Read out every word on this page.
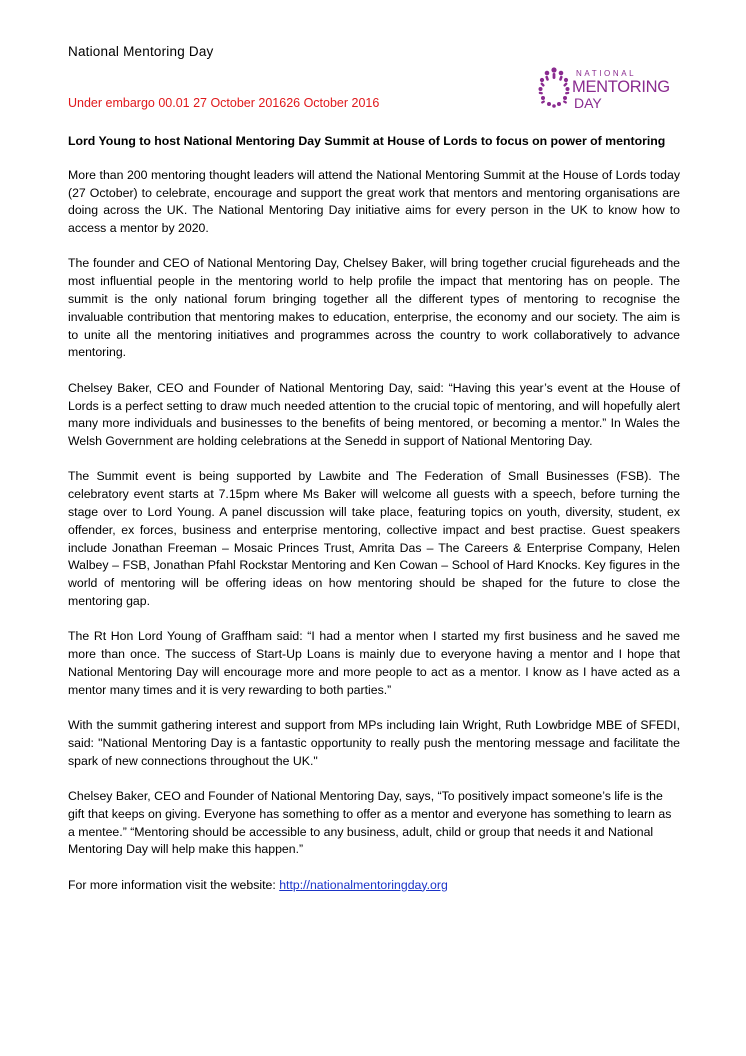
National Mentoring Day
Under embargo 00.01 27 October 201626 October 2016
NATIONAL
MENTORING
DAY

Lord Young to host National Mentoring Day Summit at House of Lords to focus on power of mentoring

More than 200 mentoring thought leaders will attend the National Mentoring Summit at the House of Lords today (27 October) to celebrate, encourage and support the great work that mentors and mentoring organisations are doing across the UK. The National Mentoring Day initiative aims for every person in the UK to know how to access a mentor by 2020.

The founder and CEO of National Mentoring Day, Chelsey Baker, will bring together crucial figureheads and the most influential people in the mentoring world to help profile the impact that mentoring has on people. The summit is the only national forum bringing together all the different types of mentoring to recognise the invaluable contribution that mentoring makes to education, enterprise, the economy and our society. The aim is to unite all the mentoring initiatives and programmes across the country to work collaboratively to advance mentoring.

Chelsey Baker, CEO and Founder of National Mentoring Day, said: “Having this year’s event at the House of Lords is a perfect setting to draw much needed attention to the crucial topic of mentoring, and will hopefully alert many more individuals and businesses to the benefits of being mentored, or becoming a mentor.” In Wales the Welsh Government are holding celebrations at the Senedd in support of National Mentoring Day.

The Summit event is being supported by Lawbite and The Federation of Small Businesses (FSB). The celebratory event starts at 7.15pm where Ms Baker will welcome all guests with a speech, before turning the stage over to Lord Young. A panel discussion will take place, featuring topics on youth, diversity, student, ex offender, ex forces, business and enterprise mentoring, collective impact and best practise. Guest speakers include Jonathan Freeman – Mosaic Princes Trust, Amrita Das – The Careers & Enterprise Company, Helen Walbey – FSB, Jonathan Pfahl Rockstar Mentoring and Ken Cowan – School of Hard Knocks. Key figures in the world of mentoring will be offering ideas on how mentoring should be shaped for the future to close the mentoring gap.

The Rt Hon Lord Young of Graffham said: “I had a mentor when I started my first business and he saved me more than once. The success of Start-Up Loans is mainly due to everyone having a mentor and I hope that National Mentoring Day will encourage more and more people to act as a mentor. I know as I have acted as a mentor many times and it is very rewarding to both parties.”

With the summit gathering interest and support from MPs including Iain Wright, Ruth Lowbridge MBE of SFEDI, said: "National Mentoring Day is a fantastic opportunity to really push the mentoring message and facilitate the spark of new connections throughout the UK."

Chelsey Baker, CEO and Founder of National Mentoring Day, says, “To positively impact someone’s life is the gift that keeps on giving. Everyone has something to offer as a mentor and everyone has something to learn as a mentee.” “Mentoring should be accessible to any business, adult, child or group that needs it and National Mentoring Day will help make this happen.”

For more information visit the website: http://nationalmentoringday.org
